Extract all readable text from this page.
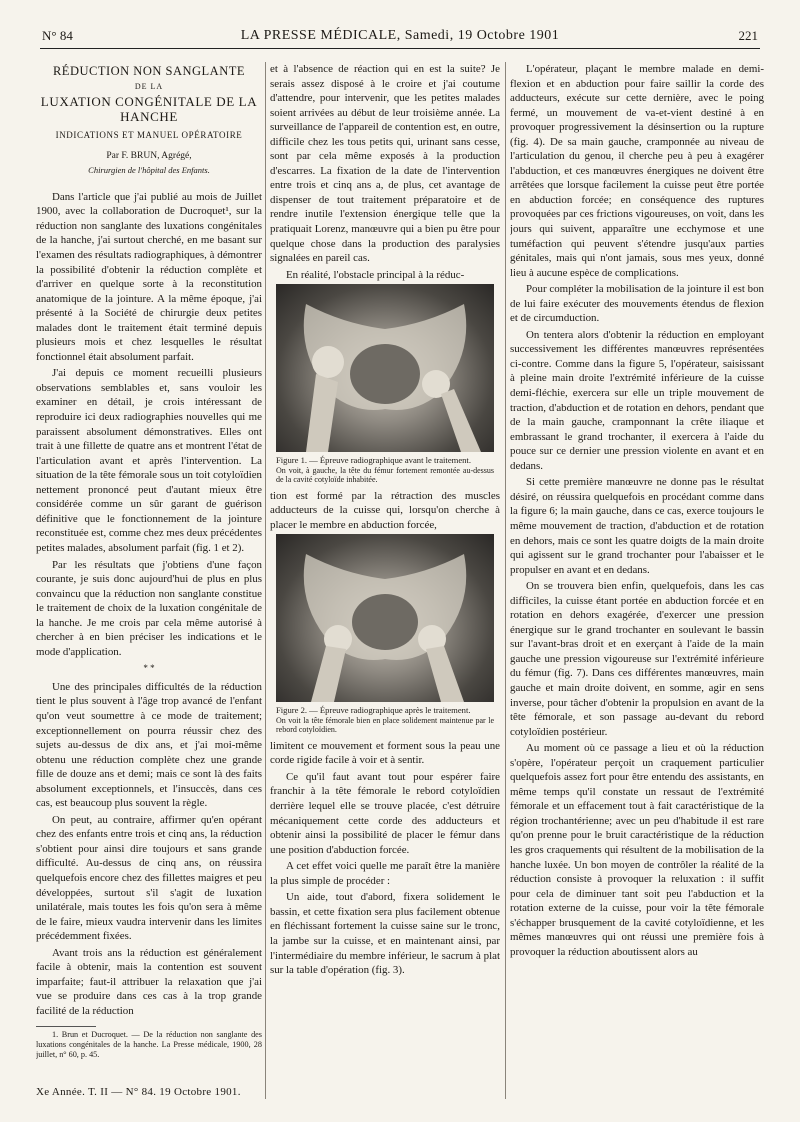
N° 84	LA PRESSE MÉDICALE, Samedi, 19 Octobre 1901	221
RÉDUCTION NON SANGLANTE
DE LA
LUXATION CONGÉNITALE DE LA HANCHE
INDICATIONS ET MANUEL OPÉRATOIRE
Par F. BRUN, Agrégé,
Chirurgien de l'hôpital des Enfants.

Dans l'article que j'ai publié au mois de Juillet 1900, avec la collaboration de Ducroquet¹, sur la réduction non sanglante des luxations congénitales de la hanche, j'ai surtout cherché, en me basant sur l'examen des résultats radiographiques, à démontrer la possibilité d'obtenir la réduction complète et d'arriver en quelque sorte à la reconstitution anatomique de la jointure. A la même époque, j'ai présenté à la Société de chirurgie deux petites malades dont le traitement était terminé depuis plusieurs mois et chez lesquelles le résultat fonctionnel était absolument parfait.

J'ai depuis ce moment recueilli plusieurs observations semblables et, sans vouloir les examiner en détail, je crois intéressant de reproduire ici deux radiographies nouvelles qui me paraissent absolument démonstratives. Elles ont trait à une fillette de quatre ans et montrent l'état de l'articulation avant et après l'intervention. La situation de la tête fémorale sous un toit cotyloïdien nettement prononcé peut d'autant mieux être considérée comme un sûr garant de guérison définitive que le fonctionnement de la jointure reconstituée est, comme chez mes deux précédentes petites malades, absolument parfait (fig. 1 et 2).

Par les résultats que j'obtiens d'une façon courante, je suis donc aujourd'hui de plus en plus convaincu que la réduction non sanglante constitue le traitement de choix de la luxation congénitale de la hanche. Je me crois par cela même autorisé à chercher à en bien préciser les indications et le mode d'application.

* *

Une des principales difficultés de la réduction tient le plus souvent à l'âge trop avancé de l'enfant qu'on veut soumettre à ce mode de traitement; exceptionnellement on pourra réussir chez des sujets au-dessus de dix ans, et j'ai moi-même obtenu une réduction complète chez une grande fille de douze ans et demi; mais ce sont là des faits absolument exceptionnels, et l'insuccès, dans ces cas, est beaucoup plus souvent la règle.

On peut, au contraire, affirmer qu'en opérant chez des enfants entre trois et cinq ans, la réduction s'obtient pour ainsi dire toujours et sans grande difficulté. Au-dessus de cinq ans, on réussira quelquefois encore chez des fillettes maigres et peu développées, surtout s'il s'agit de luxation unilatérale, mais toutes les fois qu'on sera à même de le faire, mieux vaudra intervenir dans les limites précédemment fixées.

Avant trois ans la réduction est généralement facile à obtenir, mais la contention est souvent imparfaite; faut-il attribuer la relaxation que j'ai vue se produire dans ces cas à la trop grande facilité de la réduction

1. Brun et Ducroquet. — De la réduction non sanglante des luxations congénitales de la hanche. La Presse médicale, 1900, 28 juillet, n° 60, p. 45.

et à l'absence de réaction qui en est la suite? Je serais assez disposé à le croire et j'ai coutume d'attendre, pour intervenir, que les petites malades soient arrivées au début de leur troisième année. La surveillance de l'appareil de contention est, en outre, difficile chez les tous petits qui, urinant sans cesse, sont par cela même exposés à la production d'escarres. La fixation de la date de l'intervention entre trois et cinq ans a, de plus, cet avantage de dispenser de tout traitement préparatoire et de rendre inutile l'extension énergique telle que la pratiquait Lorenz, manœuvre qui a bien pu être pour quelque chose dans la production des paralysies signalées en pareil cas.

En réalité, l'obstacle principal à la réduc-

Figure 1. — Épreuve radiographique avant le traitement.
On voit, à gauche, la tête du fémur fortement remontée au-dessus de la cavité cotyloïde inhabitée.

tion est formé par la rétraction des muscles adducteurs de la cuisse qui, lorsqu'on cherche à placer le membre en abduction forcée,

Figure 2. — Épreuve radiographique après le traitement.
On voit la tête fémorale bien en place solidement maintenue par le rebord cotyloïdien.

limitent ce mouvement et forment sous la peau une corde rigide facile à voir et à sentir.

Ce qu'il faut avant tout pour espérer faire franchir à la tête fémorale le rebord cotyloïdien derrière lequel elle se trouve placée, c'est détruire mécaniquement cette corde des adducteurs et obtenir ainsi la possibilité de placer le fémur dans une position d'abduction forcée.

A cet effet voici quelle me paraît être la manière la plus simple de procéder :

Un aide, tout d'abord, fixera solidement le bassin, et cette fixation sera plus facilement obtenue en fléchissant fortement la cuisse saine sur le tronc, la jambe sur la cuisse, et en maintenant ainsi, par l'intermédiaire du membre inférieur, le sacrum à plat sur la table d'opération (fig. 3).

L'opérateur, plaçant le membre malade en demi-flexion et en abduction pour faire saillir la corde des adducteurs, exécute sur cette dernière, avec le poing fermé, un mouvement de va-et-vient destiné à en provoquer progressivement la désinsertion ou la rupture (fig. 4). De sa main gauche, cramponnée au niveau de l'articulation du genou, il cherche peu à peu à exagérer l'abduction, et ces manœuvres énergiques ne doivent être arrêtées que lorsque facilement la cuisse peut être portée en abduction forcée; en conséquence des ruptures provoquées par ces frictions vigoureuses, on voit, dans les jours qui suivent, apparaître une ecchymose et une tuméfaction qui peuvent s'étendre jusqu'aux parties génitales, mais qui n'ont jamais, sous mes yeux, donné lieu à aucune espèce de complications.

Pour compléter la mobilisation de la jointure il est bon de lui faire exécuter des mouvements étendus de flexion et de circumduction.

On tentera alors d'obtenir la réduction en employant successivement les différentes manœuvres représentées ci-contre. Comme dans la figure 5, l'opérateur, saisissant à pleine main droite l'extrémité inférieure de la cuisse demi-fléchie, exercera sur elle un triple mouvement de traction, d'abduction et de rotation en dehors, pendant que de la main gauche, cramponnant la crête iliaque et embrassant le grand trochanter, il exercera à l'aide du pouce sur ce dernier une pression violente en avant et en dedans.

Si cette première manœuvre ne donne pas le résultat désiré, on réussira quelquefois en procédant comme dans la figure 6; la main gauche, dans ce cas, exerce toujours le même mouvement de traction, d'abduction et de rotation en dehors, mais ce sont les quatre doigts de la main droite qui agissent sur le grand trochanter pour l'abaisser et le propulser en avant et en dedans.

On se trouvera bien enfin, quelquefois, dans les cas difficiles, la cuisse étant portée en abduction forcée et en rotation en dehors exagérée, d'exercer une pression énergique sur le grand trochanter en soulevant le bassin sur l'avant-bras droit et en exerçant à l'aide de la main gauche une pression vigoureuse sur l'extrémité inférieure du fémur (fig. 7). Dans ces différentes manœuvres, main gauche et main droite doivent, en somme, agir en sens inverse, pour tâcher d'obtenir la propulsion en avant de la tête fémorale, et son passage au-devant du rebord cotyloïdien postérieur.

Au moment où ce passage a lieu et où la réduction s'opère, l'opérateur perçoit un craquement particulier quelquefois assez fort pour être entendu des assistants, en même temps qu'il constate un ressaut de l'extrémité fémorale et un effacement tout à fait caractéristique de la région trochantérienne; avec un peu d'habitude il est rare qu'on prenne pour le bruit caractéristique de la réduction les gros craquements qui résultent de la mobilisation de la hanche luxée. Un bon moyen de contrôler la réalité de la réduction consiste à provoquer la reluxation : il suffit pour cela de diminuer tant soit peu l'abduction et la rotation externe de la cuisse, pour voir la tête fémorale s'échapper brusquement de la cavité cotyloïdienne, et les mêmes manœuvres qui ont réussi une première fois à provoquer la réduction aboutissent alors au

Xe Année. T. II — N° 84. 19 Octobre 1901.
